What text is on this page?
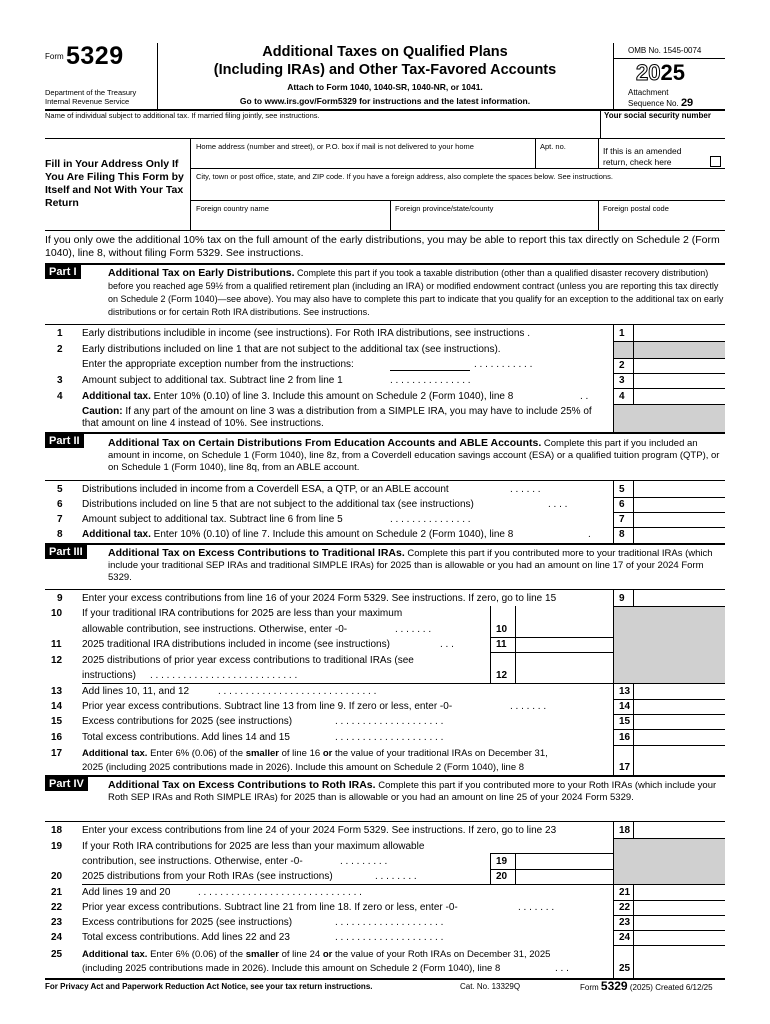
Form 5329
Department of the Treasury
Internal Revenue Service
Additional Taxes on Qualified Plans
(Including IRAs) and Other Tax-Favored Accounts
Attach to Form 1040, 1040-SR, 1040-NR, or 1041.
Go to www.irs.gov/Form5329 for instructions and the latest information.
OMB No. 1545-0074
2025
Attachment
Sequence No. 29
Name of individual subject to additional tax. If married filing jointly, see instructions.	Your social security number
Fill in Your Address Only If You Are Filing This Form by Itself and Not With Your Tax Return
Home address (number and street), or P.O. box if mail is not delivered to your home	Apt. no.	If this is an amended return, check here
City, town or post office, state, and ZIP code. If you have a foreign address, also complete the spaces below. See instructions.
Foreign country name	Foreign province/state/county	Foreign postal code
If you only owe the additional 10% tax on the full amount of the early distributions, you may be able to report this tax directly on Schedule 2 (Form 1040), line 8, without filing Form 5329. See instructions.
Part I	Additional Tax on Early Distributions. Complete this part if you took a taxable distribution (other than a qualified disaster recovery distribution) before you reached age 59½ from a qualified retirement plan (including an IRA) or modified endowment contract (unless you are reporting this tax directly on Schedule 2 (Form 1040)—see above). You may also have to complete this part to indicate that you qualify for an exception to the additional tax on early distributions or for certain Roth IRA distributions. See instructions.
1 Early distributions includible in income (see instructions). For Roth IRA distributions, see instructions .	1
2 Early distributions included on line 1 that are not subject to the additional tax (see instructions).
Enter the appropriate exception number from the instructions:	. . . . . . . . . . .	2
3 Amount subject to additional tax. Subtract line 2 from line 1	. . . . . . . . . . . . . . .	3
4 Additional tax. Enter 10% (0.10) of line 3. Include this amount on Schedule 2 (Form 1040), line 8	. .	4
Caution: If any part of the amount on line 3 was a distribution from a SIMPLE IRA, you may have to include 25% of that amount on line 4 instead of 10%. See instructions.
Part II	Additional Tax on Certain Distributions From Education Accounts and ABLE Accounts. Complete this part if you included an amount in income, on Schedule 1 (Form 1040), line 8z, from a Coverdell education savings account (ESA) or a qualified tuition program (QTP), or on Schedule 1 (Form 1040), line 8q, from an ABLE account.
5 Distributions included in income from a Coverdell ESA, a QTP, or an ABLE account	. . . . . .	5
6 Distributions included on line 5 that are not subject to the additional tax (see instructions)	. . . .	6
7 Amount subject to additional tax. Subtract line 6 from line 5	. . . . . . . . . . . . . . .	7
8 Additional tax. Enter 10% (0.10) of line 7. Include this amount on Schedule 2 (Form 1040), line 8	.	8
Part III	Additional Tax on Excess Contributions to Traditional IRAs. Complete this part if you contributed more to your traditional IRAs (which include your traditional SEP IRAs and traditional SIMPLE IRAs) for 2025 than is allowable or you had an amount on line 17 of your 2024 Form 5329.
9 Enter your excess contributions from line 16 of your 2024 Form 5329. See instructions. If zero, go to line 15	9
10 If your traditional IRA contributions for 2025 are less than your maximum
allowable contribution, see instructions. Otherwise, enter -0-	. . . . . . .	10
11 2025 traditional IRA distributions included in income (see instructions)	. . .	11
12 2025 distributions of prior year excess contributions to traditional IRAs (see
instructions) . . . . . . . . . . . . . . . . . . . . . . . . . . .	12
13 Add lines 10, 11, and 12	. . . . . . . . . . . . . . . . . . . . . . . . . . . . .	13
14 Prior year excess contributions. Subtract line 13 from line 9. If zero or less, enter -0-	. . . . . . .	14
15 Excess contributions for 2025 (see instructions)	. . . . . . . . . . . . . . . . . . . .	15
16 Total excess contributions. Add lines 14 and 15	. . . . . . . . . . . . . . . . . . . .	16
17 Additional tax. Enter 6% (0.06) of the smaller of line 16 or the value of your traditional IRAs on December 31,
2025 (including 2025 contributions made in 2026). Include this amount on Schedule 2 (Form 1040), line 8	17
Part IV	Additional Tax on Excess Contributions to Roth IRAs. Complete this part if you contributed more to your Roth IRAs (which include your Roth SEP IRAs and Roth SIMPLE IRAs) for 2025 than is allowable or you had an amount on line 25 of your 2024 Form 5329.
18 Enter your excess contributions from line 24 of your 2024 Form 5329. See instructions. If zero, go to line 23	18
19 If your Roth IRA contributions for 2025 are less than your maximum allowable
contribution, see instructions. Otherwise, enter -0-	. . . . . . . . .	19
20 2025 distributions from your Roth IRAs (see instructions)	. . . . . . . .	20
21 Add lines 19 and 20	. . . . . . . . . . . . . . . . . . . . . . . . . . . . . .	21
22 Prior year excess contributions. Subtract line 21 from line 18. If zero or less, enter -0-	. . . . . . .	22
23 Excess contributions for 2025 (see instructions)	. . . . . . . . . . . . . . . . . . . .	23
24 Total excess contributions. Add lines 22 and 23	. . . . . . . . . . . . . . . . . . . .	24
25 Additional tax. Enter 6% (0.06) of the smaller of line 24 or the value of your Roth IRAs on December 31, 2025
(including 2025 contributions made in 2026). Include this amount on Schedule 2 (Form 1040), line 8	. . .	25
For Privacy Act and Paperwork Reduction Act Notice, see your tax return instructions.	Cat. No. 13329Q	Form 5329 (2025) Created 6/12/25
